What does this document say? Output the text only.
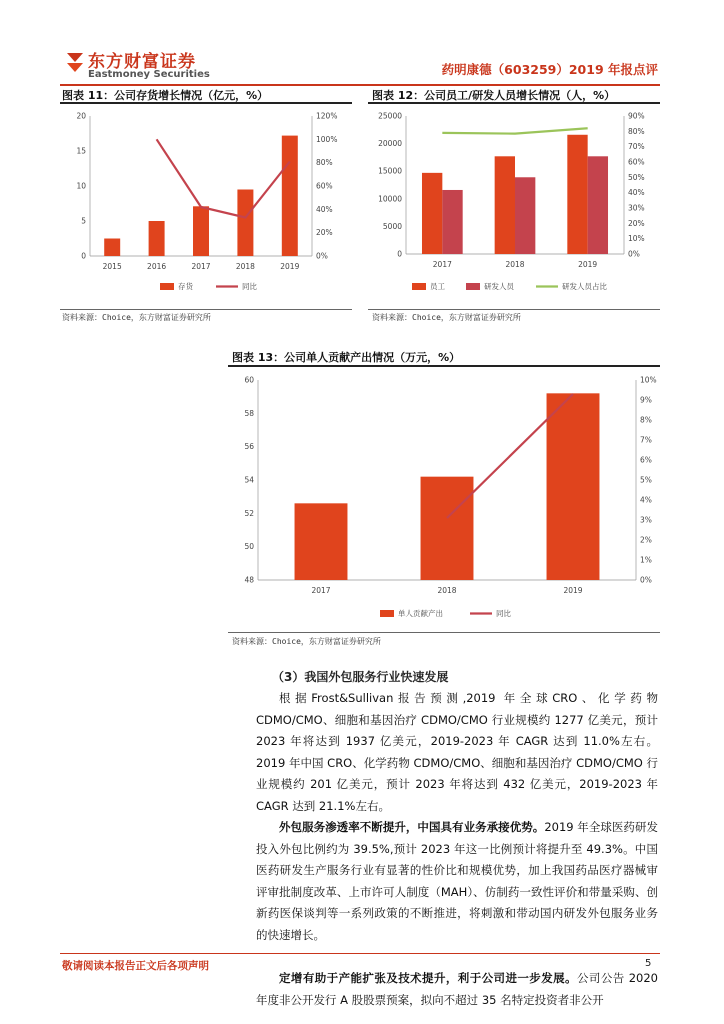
东方财富证券
Eastmoney Securities	药明康德（603259）2019 年报点评
图表 11：公司存货增长情况（亿元，%）
0
5
10
15
20
0%
20%
40%
60%
80%
100%
120%
2015	2016	2017	2018	2019
存货	同比
资料来源：Choice，东方财富证券研究所
图表 12：公司员工/研发人员增长情况（人，%）
0
5000
10000
15000
20000
25000
0%
10%
20%
30%
40%
50%
60%
70%
80%
90%
2017	2018	2019
员工	研发人员	研发人员占比
资料来源：Choice，东方财富证券研究所
图表 13：公司单人贡献产出情况（万元，%）
48
50
52
54
56
58
60
0%
1%
2%
3%
4%
5%
6%
7%
8%
9%
10%
2017	2018	2019
单人贡献产出	同比
资料来源：Choice，东方财富证券研究所
（3）我国外包服务行业快速发展

根据Frost&Sullivan报告预测,2019 年全球CRO、化学药物CDMO/CMO、细胞和基因治疗 CDMO/CMO 行业规模约 1277 亿美元，预计 2023 年将达到 1937 亿美元，2019-2023 年 CAGR 达到 11.0%左右。2019 年中国 CRO、化学药物 CDMO/CMO、细胞和基因治疗 CDMO/CMO 行业规模约 201 亿美元，预计 2023 年将达到 432 亿美元，2019-2023 年 CAGR 达到 21.1%左右。

外包服务渗透率不断提升，中国具有业务承接优势。2019 年全球医药研发投入外包比例约为 39.5%,预计 2023 年这一比例预计将提升至 49.3%。中国医药研发生产服务行业有显著的性价比和规模优势，加上我国药品医疗器械审评审批制度改革、上市许可人制度（MAH）、仿制药一致性评价和带量采购、创新药医保谈判等一系列政策的不断推进，将刺激和带动国内研发外包服务业务的快速增长。

定增有助于产能扩张及技术提升，利于公司进一步发展。公司公告 2020 年度非公开发行 A 股股票预案，拟向不超过 35 名特定投资者非公开

敬请阅读本报告正文后各项声明	5
